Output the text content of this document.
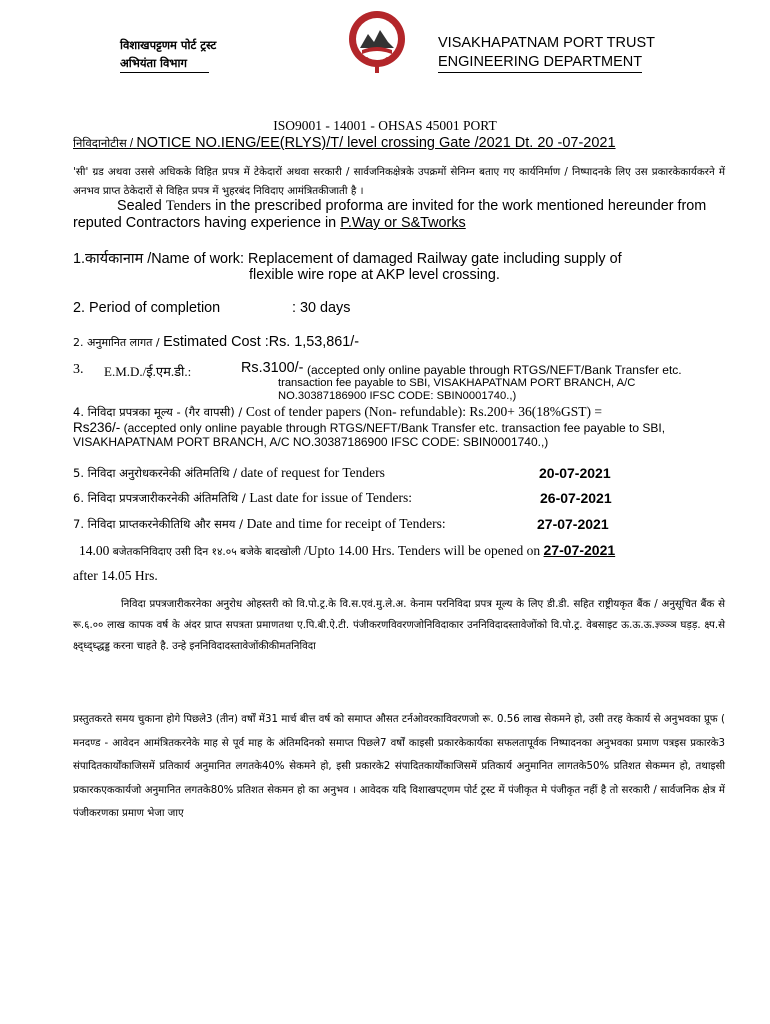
विशाखपट्टणम पोर्ट ट्रस्ट
अभियंता विभाग
VISAKHAPATNAM PORT TRUST
ENGINEERING DEPARTMENT
ISO9001 - 14001 - OHSAS 45001 PORT
निविदानोटीस / NOTICE NO.IENG/EE(RLYS)/T/ level crossing Gate /2021 Dt. 20 -07-2021
'सी' ग्रड अथवा उससे अधिकके विहित प्रपत्र में टेकेदारों अथवा सरकारी / सार्वजनिकक्षेत्रके उपक्रमों सेनिम्न बताए गए कार्यनिर्माण / निष्पादनके लिए उस प्रकारकेकार्यकरने में अनभव प्राप्त ठेकेदारों से विहित प्रपत्र में भुहरबंद निविदाए आमंत्रितकीजाती है ।
Sealed Tenders in the prescribed proforma are invited for the work mentioned hereunder from reputed Contractors having experience in P.Way or S&Tworks
1.कार्यकानाम /Name of work: Replacement of damaged Railway gate including supply of
flexible wire rope at AKP level crossing.
2. Period of completion	: 30 days
2. अनुमानित लागत / Estimated Cost :Rs. 1,53,861/-
3. E.M.D./ई.एम.डी.:	Rs.3100/- (accepted only online payable through RTGS/NEFT/Bank Transfer etc.
transaction fee payable to SBI, VISAKHAPATNAM PORT BRANCH, A/C
NO.30387186900 IFSC CODE: SBIN0001740.,)
4. निविदा प्रपत्रका मूल्य - (गैर वापसी) / Cost of tender papers (Non- refundable): Rs.200+ 36(18%GST) =
Rs236/- (accepted only online payable through RTGS/NEFT/Bank Transfer etc. transaction fee payable to SBI,
VISAKHAPATNAM PORT BRANCH, A/C NO.30387186900 IFSC CODE: SBIN0001740.,)
5. निविदा अनुरोधकरनेकी अंतिमतिथि / date of request for Tenders	20-07-2021
6. निविदा प्रपत्रजारीकरनेकी अंतिमतिथि / Last date for issue of Tenders:	26-07-2021
7. निविदा प्राप्तकरनेकीतिथि और समय / Date and time for receipt of Tenders:	27-07-2021
14.00 बजेतकनिविदाए उसी दिन १४.०५ बजेके बादखोली /Upto 14.00 Hrs. Tenders will be opened on 27-07-2021
after 14.05 Hrs.
निविदा प्रपत्रजारीकरनेका अनुरोध ओहस्तरी को वि.पो.ट्र.के वि.स.एवं.मु.ले.अ. केनाम परनिविदा प्रपत्र मूल्य के लिए डी.डी. सहित राष्ट्रीयकृत बैंक / अनुसूचित बैंक से रू.६.०० लाख कापक वर्ष के अंदर प्राप्त सपत्रता प्रमाणतथा ए.पि.बी.ऐ.टी. पंजीकरणविवरणजोनिविदाकार उननिविदादस्तावेजोंको वि.पो.ट्र. वेबसाइट ऊ.ऊ.ऊ.ज्ञ्ञ्ञ्ञ घड़ड़. क्ष्प.से क्ष्द्ध्द्ध्द्धड्ड करना चाहते है. उन्हे इननिविदादस्तावेजोंकीकीमतनिविदा
प्रस्तुतकरते समय चुकाना होगे पिछले3 (तीन) वर्षों में31 मार्च बीत्त वर्ष को समाप्त औसत टर्नओवरकाविवरणजो रू. 0.56 लाख सेकमने हो, उसी तरह केकार्य से अनुभवका प्रूफ ( मनदण्ड - आवेदन आमंत्रितकरनेके माह से पूर्व माह के अंतिमदिनको समाप्त पिछले7 वर्षों काइसी प्रकारकेकार्यका सफलतापूर्वक निष्पादनका अनुभवका प्रमाण पत्रइस प्रकारके3 संपादितकार्योंकाजिसमें प्रतिकार्य अनुमानित लगतके40% सेकमने हो, इसी प्रकारके2 संपादितकार्योंकाजिसमें प्रतिकार्य अनुमानित लागतके50% प्रतिशत सेकम्मन हो, तथाइसी प्रकारकएककार्यजो अनुमानित लगतके80% प्रतिशत सेकमन हो का अनुभव । आवेदक यदि विशाखपट्णम पोर्ट ट्रस्ट में पंजीकृत मे पंजीकृत नहीं है तो सरकारी / सार्वजनिक क्षेत्र में पंजीकरणका प्रमाण भेजा जाए
